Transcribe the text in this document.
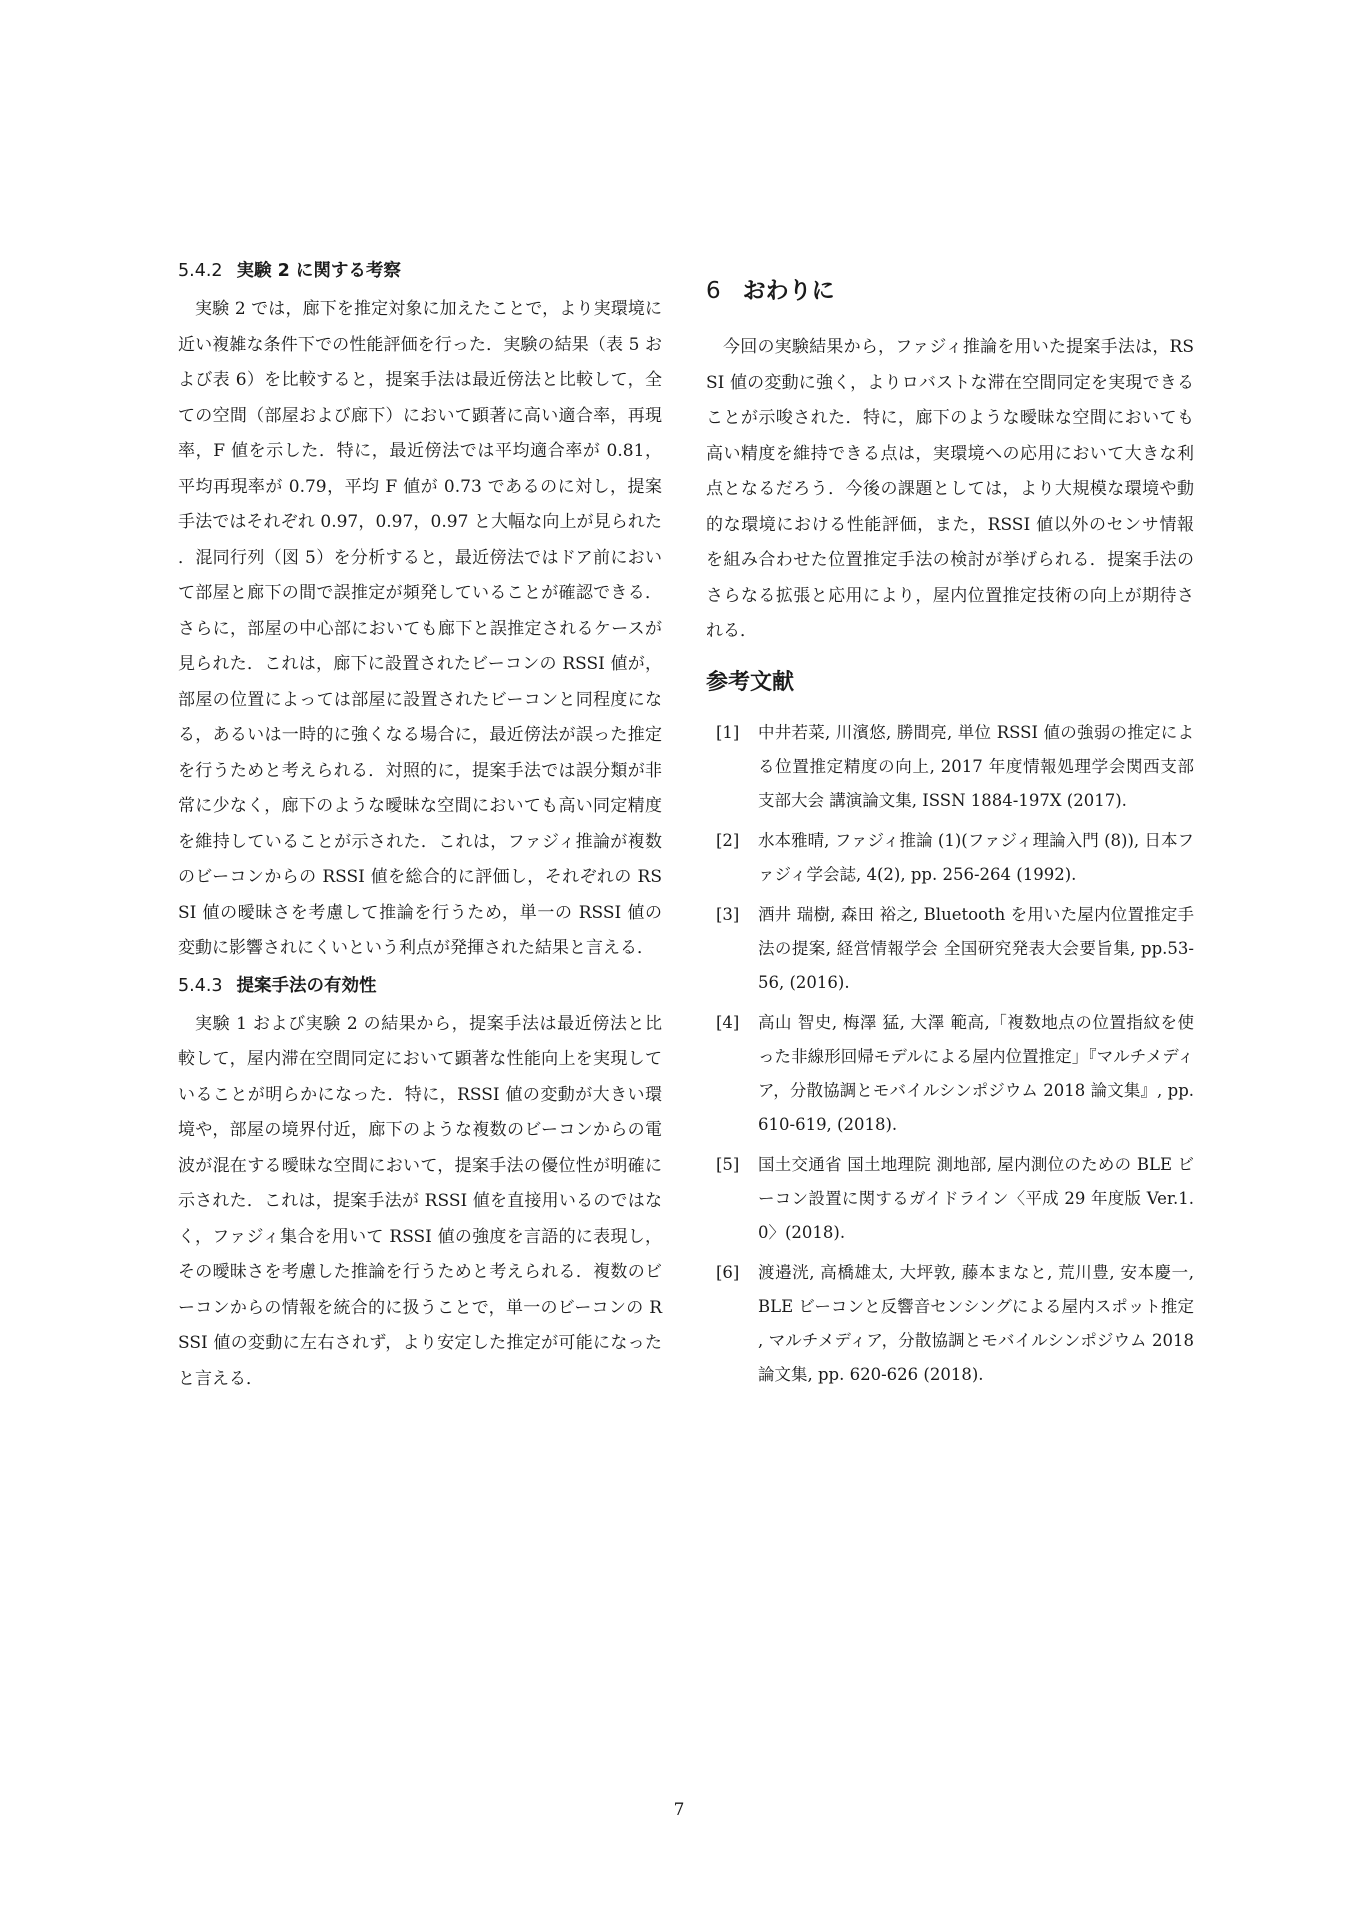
5.4.2 実験 2 に関する考察

実験 2 では，廊下を推定対象に加えたことで，より実環境に近い複雑な条件下での性能評価を行った．実験の結果（表 5 および表 6）を比較すると，提案手法は最近傍法と比較して，全ての空間（部屋および廊下）において顕著に高い適合率，再現率，F 値を示した．特に，最近傍法では平均適合率が 0.81，平均再現率が 0.79，平均 F 値が 0.73 であるのに対し，提案手法ではそれぞれ 0.97，0.97，0.97 と大幅な向上が見られた．混同行列（図 5）を分析すると，最近傍法ではドア前において部屋と廊下の間で誤推定が頻発していることが確認できる．さらに，部屋の中心部においても廊下と誤推定されるケースが見られた．これは，廊下に設置されたビーコンの RSSI 値が，部屋の位置によっては部屋に設置されたビーコンと同程度になる，あるいは一時的に強くなる場合に，最近傍法が誤った推定を行うためと考えられる．対照的に，提案手法では誤分類が非常に少なく，廊下のような曖昧な空間においても高い同定精度を維持していることが示された．これは，ファジィ推論が複数のビーコンからの RSSI 値を総合的に評価し，それぞれの RSSI 値の曖昧さを考慮して推論を行うため，単一の RSSI 値の変動に影響されにくいという利点が発揮された結果と言える．

5.4.3 提案手法の有効性

実験 1 および実験 2 の結果から，提案手法は最近傍法と比較して，屋内滞在空間同定において顕著な性能向上を実現していることが明らかになった．特に，RSSI 値の変動が大きい環境や，部屋の境界付近，廊下のような複数のビーコンからの電波が混在する曖昧な空間において，提案手法の優位性が明確に示された．これは，提案手法が RSSI 値を直接用いるのではなく，ファジィ集合を用いて RSSI 値の強度を言語的に表現し，その曖昧さを考慮した推論を行うためと考えられる．複数のビーコンからの情報を統合的に扱うことで，単一のビーコンの RSSI 値の変動に左右されず，より安定した推定が可能になったと言える．

6 おわりに

今回の実験結果から，ファジィ推論を用いた提案手法は，RSSI 値の変動に強く，よりロバストな滞在空間同定を実現できることが示唆された．特に，廊下のような曖昧な空間においても高い精度を維持できる点は，実環境への応用において大きな利点となるだろう．今後の課題としては，より大規模な環境や動的な環境における性能評価，また，RSSI 値以外のセンサ情報を組み合わせた位置推定手法の検討が挙げられる．提案手法のさらなる拡張と応用により，屋内位置推定技術の向上が期待される．

参考文献
[1]	中井若菜, 川濱悠, 勝間亮, 単位 RSSI 値の強弱の推定による位置推定精度の向上, 2017 年度情報処理学会関西支部 支部大会 講演論文集, ISSN 1884-197X (2017).
[2]	水本雅晴, ファジィ推論 (1)(ファジィ理論入門 (8)), 日本ファジィ学会誌, 4(2), pp. 256-264 (1992).
[3]	酒井 瑞樹, 森田 裕之, Bluetooth を用いた屋内位置推定手法の提案, 経営情報学会 全国研究発表大会要旨集, pp.53-56, (2016).
[4]	高山 智史, 梅澤 猛, 大澤 範高,「複数地点の位置指紋を使った非線形回帰モデルによる屋内位置推定」『マルチメディア，分散協調とモバイルシンポジウム 2018 論文集』, pp. 610-619, (2018).
[5]	国土交通省 国土地理院 測地部, 屋内測位のための BLE ビーコン設置に関するガイドライン〈平成 29 年度版 Ver.1.0〉(2018).
[6]	渡邉洸, 高橋雄太, 大坪敦, 藤本まなと, 荒川豊, 安本慶一, BLE ビーコンと反響音センシングによる屋内スポット推定, マルチメディア，分散協調とモバイルシンポジウム 2018 論文集, pp. 620-626 (2018).
7
